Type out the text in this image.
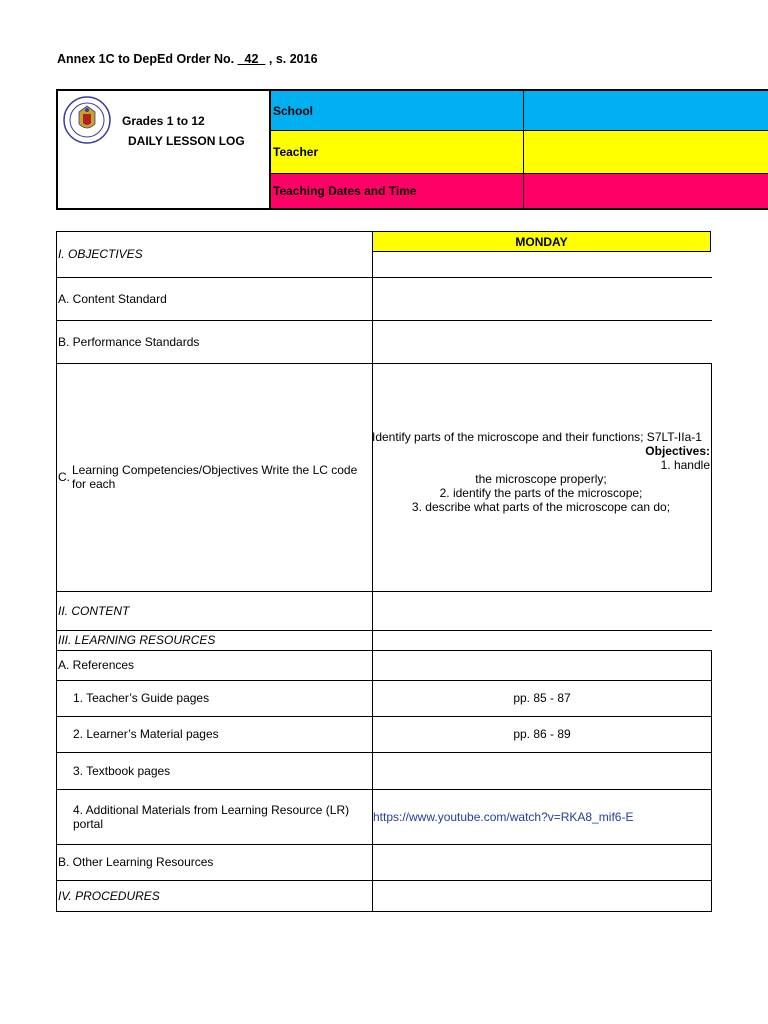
Annex 1C to DepEd Order No. _42_ , s. 2016
Grades 1 to 12
DAILY LESSON LOG
School
Teacher
Teaching Dates and Time
MONDAY
I. OBJECTIVES
A. Content Standard
B. Performance Standards
C. Learning Competencies/Objectives Write the LC code for each
II. CONTENT
III. LEARNING RESOURCES
A. References
1. Teacher’s Guide pages
2. Learner’s Material pages
3. Textbook pages
4. Additional Materials from Learning Resource (LR) portal
B. Other Learning Resources
IV. PROCEDURES
Identify parts of the microscope and their functions; S7LT-IIa-1
Objectives:
1. handle
the microscope properly;
2. identify the parts of the microscope;
3. describe what parts of the microscope can do;
pp. 85 - 87
pp. 86 - 89
https://www.youtube.com/watch?v=RKA8_mif6-E
